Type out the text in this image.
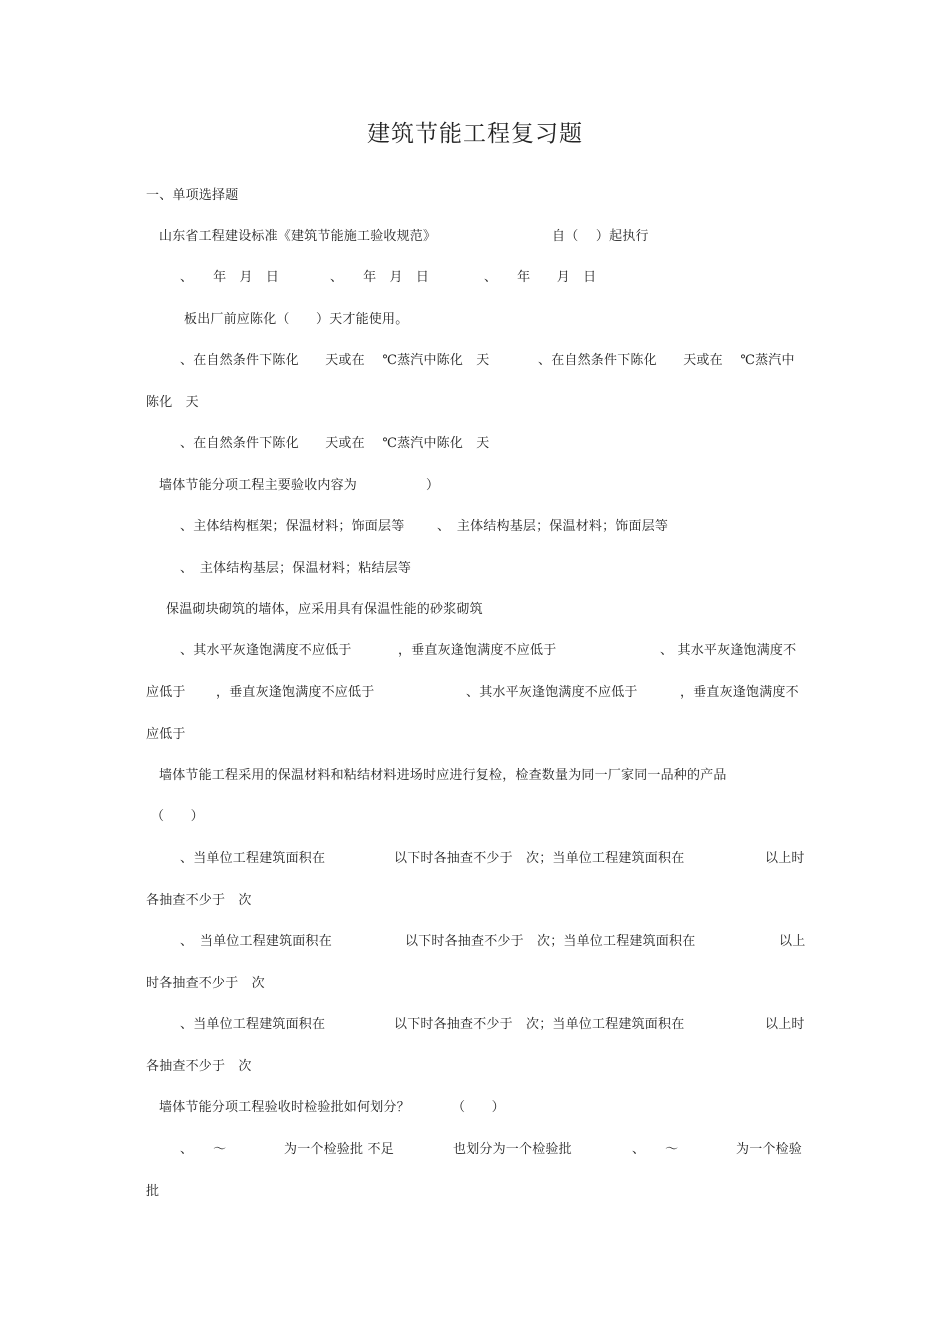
建筑节能工程复习题
一、单项选择题
山东省工程建设标准《建筑节能施工验收规范》	自（　 ）起执行
、　　年　月　日	、　　年　月　日	、　　年　　月　日
板出厂前应陈化（　　）天才能使用。
、在自然条件下陈化　　天或在　 ℃蒸汽中陈化　天	、在自然条件下陈化　　天或在　 ℃蒸汽中
陈化　天
、在自然条件下陈化　　天或在　 ℃蒸汽中陈化　天
墙体节能分项工程主要验收内容为	）
、主体结构框架；保温材料；饰面层等	、　主体结构基层；保温材料；饰面层等
、　主体结构基层；保温材料；粘结层等
保温砌块砌筑的墙体，应采用具有保温性能的砂浆砌筑
、其水平灰逢饱满度不应低于	，垂直灰逢饱满度不应低于	、 其水平灰逢饱满度不
应低于 ，垂直灰逢饱满度不应低于	、其水平灰逢饱满度不应低于	，垂直灰逢饱满度不
应低于
墙体节能工程采用的保温材料和粘结材料进场时应进行复检，检查数量为同一厂家同一品种的产品
（　　）
、当单位工程建筑面积在	以下时各抽查不少于　次；当单位工程建筑面积在	以上时
各抽查不少于　次
、　当单位工程建筑面积在	以下时各抽查不少于　次；当单位工程建筑面积在	以上
时各抽查不少于　次
、当单位工程建筑面积在	以下时各抽查不少于　次；当单位工程建筑面积在	以上时
各抽查不少于　次
墙体节能分项工程验收时检验批如何划分？	（　　）
、　　～	为一个检验批 不足	也划分为一个检验批	、　　～	为一个检验
批
